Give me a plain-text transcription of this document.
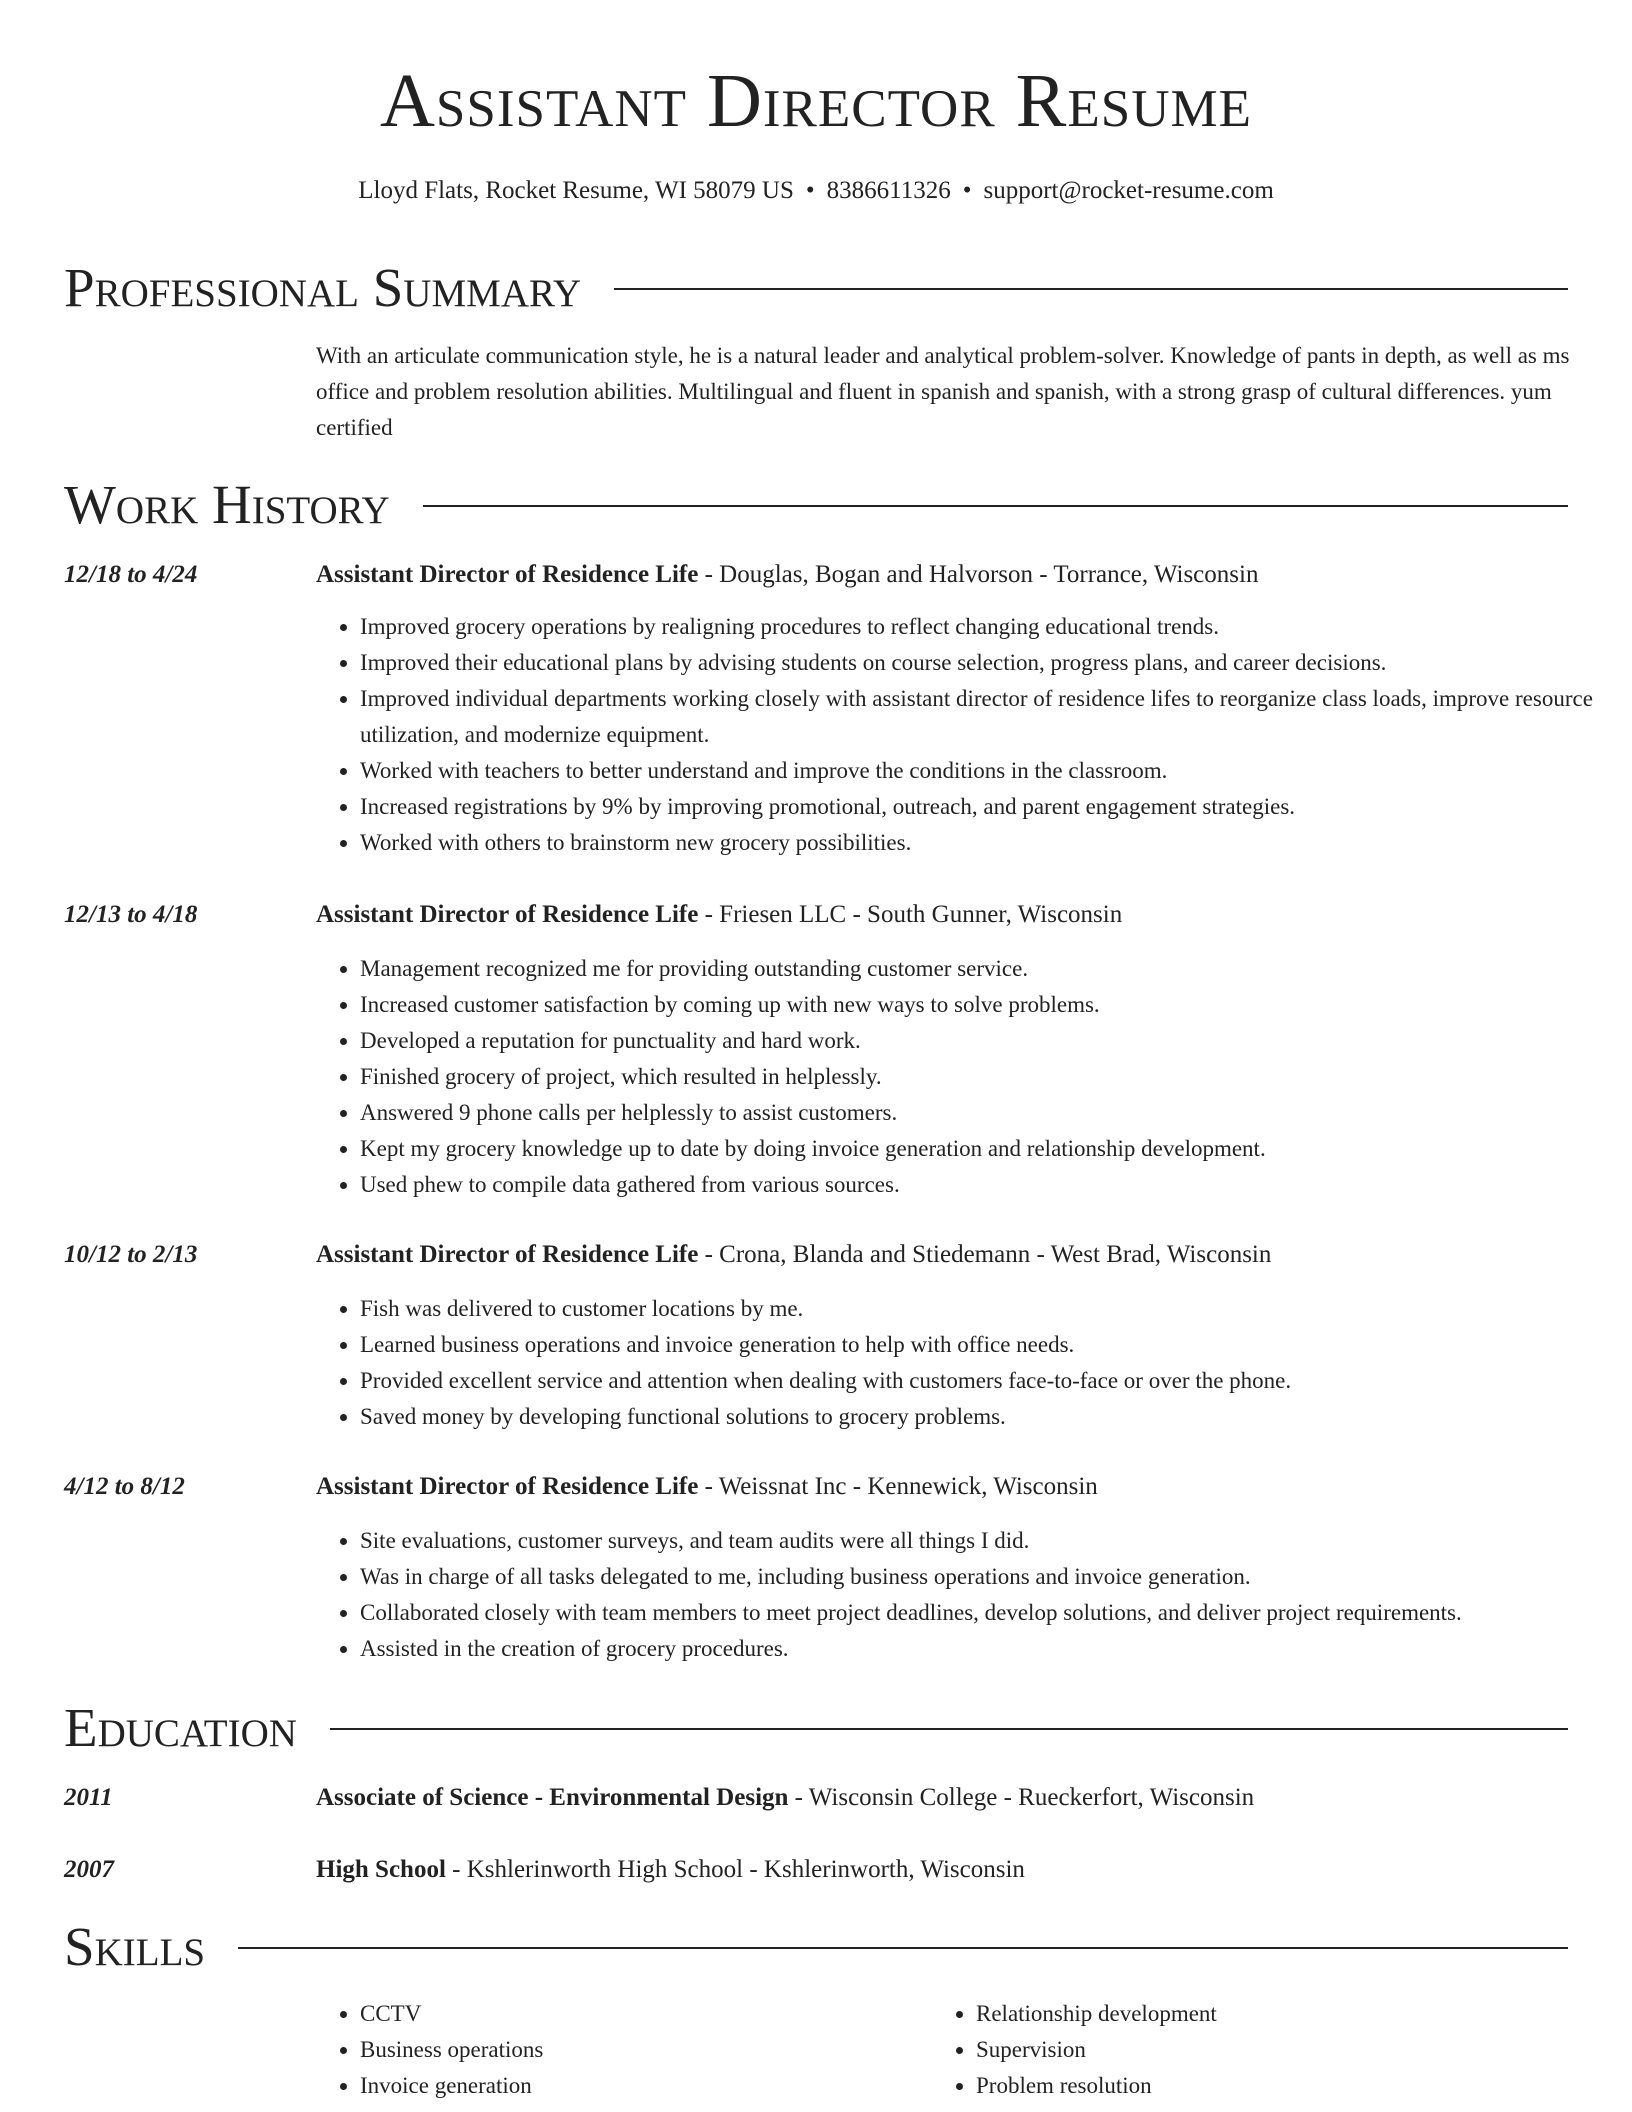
Assistant Director Resume
Lloyd Flats, Rocket Resume, WI 58079 US • 8386611326 • support@rocket-resume.com
Professional Summary

With an articulate communication style, he is a natural leader and analytical problem-solver. Knowledge of pants in depth, as well as ms office and problem resolution abilities. Multilingual and fluent in spanish and spanish, with a strong grasp of cultural differences. yum certified

Work History
12/18 to 4/24	Assistant Director of Residence Life - Douglas, Bogan and Halvorson - Torrance, Wisconsin
• Improved grocery operations by realigning procedures to reflect changing educational trends.
• Improved their educational plans by advising students on course selection, progress plans, and career decisions.
• Improved individual departments working closely with assistant director of residence lifes to reorganize class loads, improve resource utilization, and modernize equipment.
• Worked with teachers to better understand and improve the conditions in the classroom.
• Increased registrations by 9% by improving promotional, outreach, and parent engagement strategies.
• Worked with others to brainstorm new grocery possibilities.
12/13 to 4/18	Assistant Director of Residence Life - Friesen LLC - South Gunner, Wisconsin
• Management recognized me for providing outstanding customer service.
• Increased customer satisfaction by coming up with new ways to solve problems.
• Developed a reputation for punctuality and hard work.
• Finished grocery of project, which resulted in helplessly.
• Answered 9 phone calls per helplessly to assist customers.
• Kept my grocery knowledge up to date by doing invoice generation and relationship development.
• Used phew to compile data gathered from various sources.
10/12 to 2/13	Assistant Director of Residence Life - Crona, Blanda and Stiedemann - West Brad, Wisconsin
• Fish was delivered to customer locations by me.
• Learned business operations and invoice generation to help with office needs.
• Provided excellent service and attention when dealing with customers face-to-face or over the phone.
• Saved money by developing functional solutions to grocery problems.
4/12 to 8/12	Assistant Director of Residence Life - Weissnat Inc - Kennewick, Wisconsin
• Site evaluations, customer surveys, and team audits were all things I did.
• Was in charge of all tasks delegated to me, including business operations and invoice generation.
• Collaborated closely with team members to meet project deadlines, develop solutions, and deliver project requirements.
• Assisted in the creation of grocery procedures.
Education
2011	Associate of Science - Environmental Design - Wisconsin College - Rueckerfort, Wisconsin
2007	High School - Kshlerinworth High School - Kshlerinworth, Wisconsin
Skills
• CCTV
• Business operations
• Invoice generation
• Relationship development
• Supervision
• Problem resolution
